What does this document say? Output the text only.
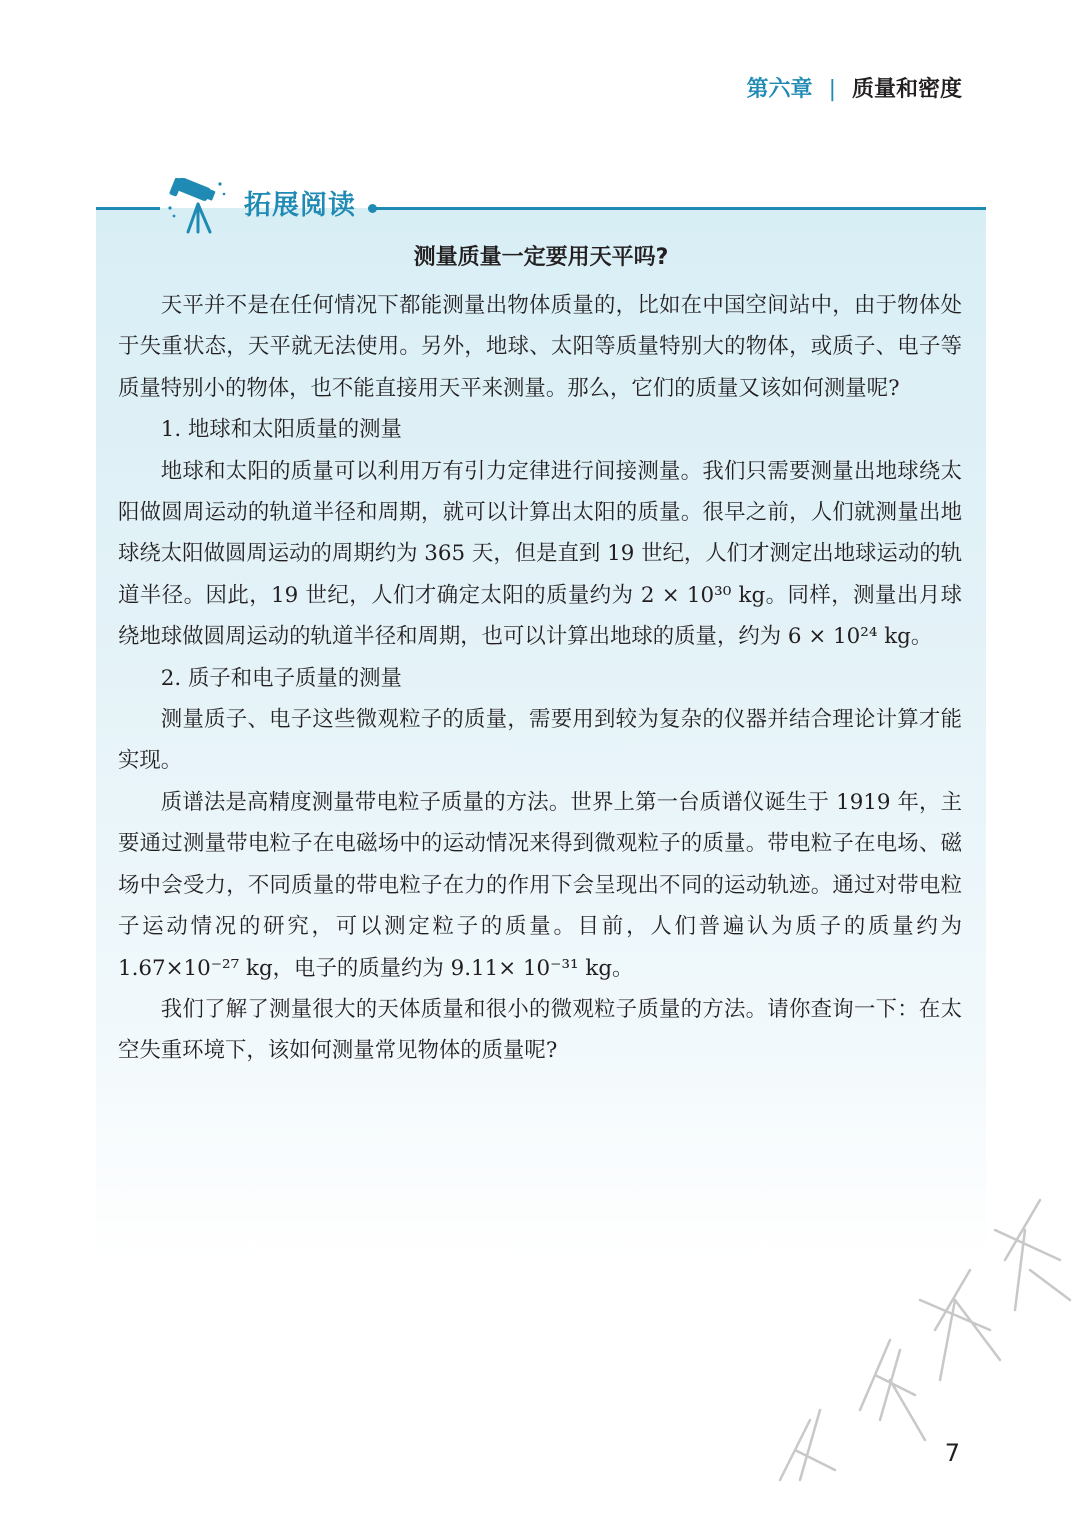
第六章 | 质量和密度
拓展阅读
测量质量一定要用天平吗?

天平并不是在任何情况下都能测量出物体质量的，比如在中国空间站中，由于物体处于失重状态，天平就无法使用。另外，地球、太阳等质量特别大的物体，或质子、电子等质量特别小的物体，也不能直接用天平来测量。那么，它们的质量又该如何测量呢?

1. 地球和太阳质量的测量

地球和太阳的质量可以利用万有引力定律进行间接测量。我们只需要测量出地球绕太阳做圆周运动的轨道半径和周期，就可以计算出太阳的质量。很早之前，人们就测量出地球绕太阳做圆周运动的周期约为 365 天，但是直到 19 世纪，人们才测定出地球运动的轨道半径。因此，19 世纪，人们才确定太阳的质量约为 2 × 10³⁰ kg。同样，测量出月球绕地球做圆周运动的轨道半径和周期，也可以计算出地球的质量，约为 6 × 10²⁴ kg。

2. 质子和电子质量的测量

测量质子、电子这些微观粒子的质量，需要用到较为复杂的仪器并结合理论计算才能实现。

质谱法是高精度测量带电粒子质量的方法。世界上第一台质谱仪诞生于 1919 年，主要通过测量带电粒子在电磁场中的运动情况来得到微观粒子的质量。带电粒子在电场、磁场中会受力，不同质量的带电粒子在力的作用下会呈现出不同的运动轨迹。通过对带电粒子运动情况的研究，可以测定粒子的质量。目前，人们普遍认为质子的质量约为 1.67×10⁻²⁷ kg，电子的质量约为 9.11× 10⁻³¹ kg。

我们了解了测量很大的天体质量和很小的微观粒子质量的方法。请你查询一下：在太空失重环境下，该如何测量常见物体的质量呢?

7
